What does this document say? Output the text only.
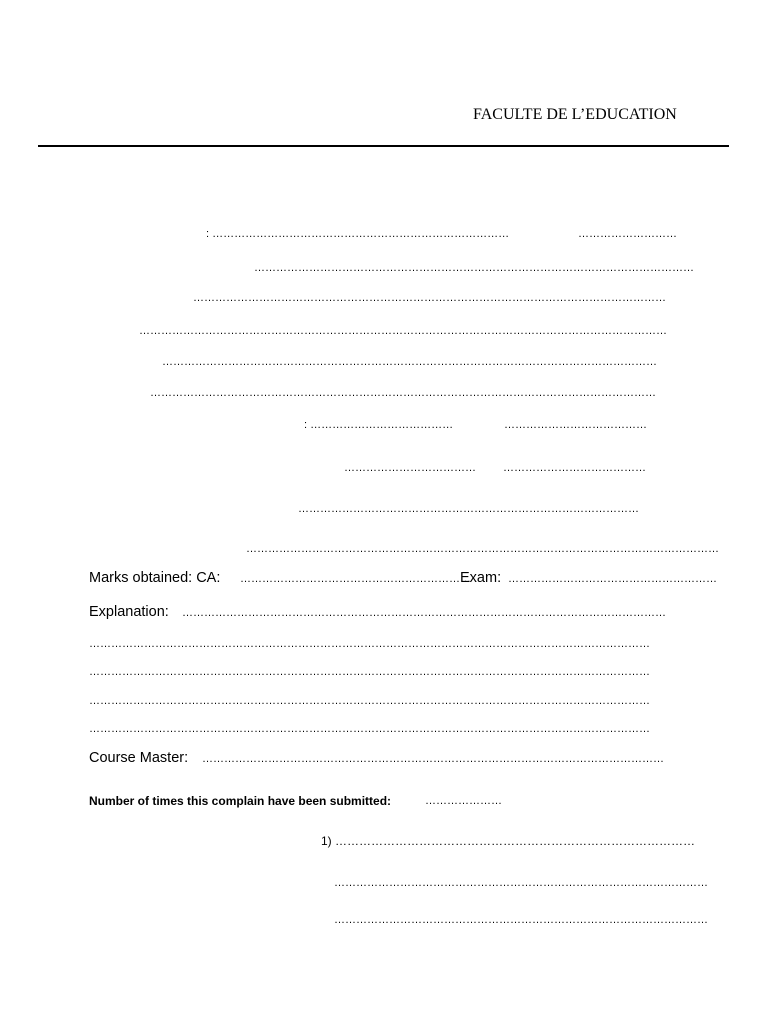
FACULTE DE L’EDUCATION
: ………………………………………………………………………	………………………
…………………………………………………………………………………………………………
…………………………………………………………………………………………………………………
………………………………………………………………………………………………………………………………
………………………………………………………………………………………………………………………
…………………………………………………………………………………………………………………………
: …………………………………	…………………………………
……………………………… …………………………………
…………………………………………………………………………………
…………………………………………………………………………………………………………………
Marks obtained: CA: ………………………………………………………
Exam: …………………………………………………
Explanation: ……………………………………………………………………………………………………………………
………………………………………………………………………………………………………………………………………
………………………………………………………………………………………………………………………………………
………………………………………………………………………………………………………………………………………
………………………………………………………………………………………………………………………………………
Course Master: ………………………………………………………………………………………………………………
Number of times this complain have been submitted:	…………………
1) ………………………………………………………………………………
…………………………………………………………………………………………
…………………………………………………………………………………………
